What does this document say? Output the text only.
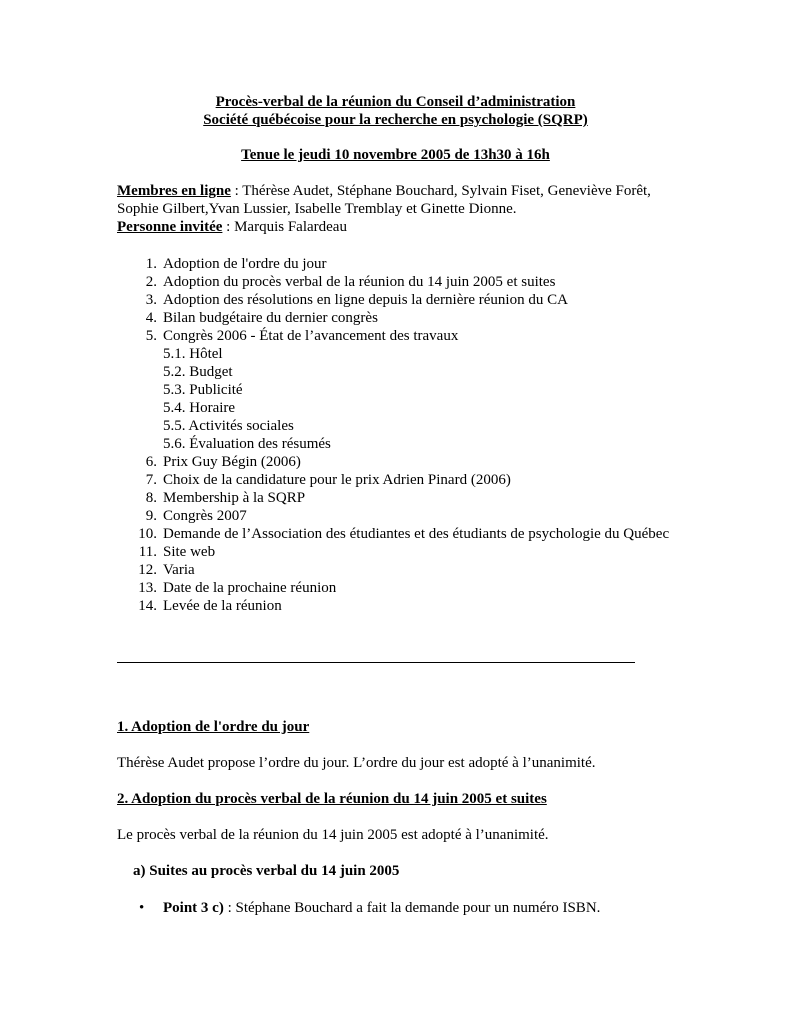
Procès-verbal de la réunion du Conseil d’administration
Société québécoise pour la recherche en psychologie (SQRP)
Tenue le jeudi 10 novembre 2005 de 13h30 à 16h

Membres en ligne : Thérèse Audet, Stéphane Bouchard, Sylvain Fiset, Geneviève Forêt, Sophie Gilbert,Yvan Lussier, Isabelle Tremblay et Ginette Dionne.

Personne invitée : Marquis Falardeau

1. Adoption de l'ordre du jour
2. Adoption du procès verbal de la réunion du 14 juin 2005 et suites
3. Adoption des résolutions en ligne depuis la dernière réunion du CA
4. Bilan budgétaire du dernier congrès
5. Congrès 2006 - État de l’avancement des travaux
5.1. Hôtel
5.2. Budget
5.3. Publicité
5.4. Horaire
5.5. Activités sociales
5.6. Évaluation des résumés
6. Prix Guy Bégin (2006)
7. Choix de la candidature pour le prix Adrien Pinard (2006)
8. Membership à la SQRP
9. Congrès 2007
10. Demande de l’Association des étudiantes et des étudiants de psychologie du Québec
11. Site web
12. Varia
13. Date de la prochaine réunion
14. Levée de la réunion
1. Adoption de l'ordre du jour
Thérèse Audet propose l’ordre du jour. L’ordre du jour est adopté à l’unanimité.
2. Adoption du procès verbal de la réunion du 14 juin 2005 et suites
Le procès verbal de la réunion du 14 juin 2005 est adopté à l’unanimité.
a) Suites au procès verbal du 14 juin 2005
• Point 3 c) : Stéphane Bouchard a fait la demande pour un numéro ISBN.
